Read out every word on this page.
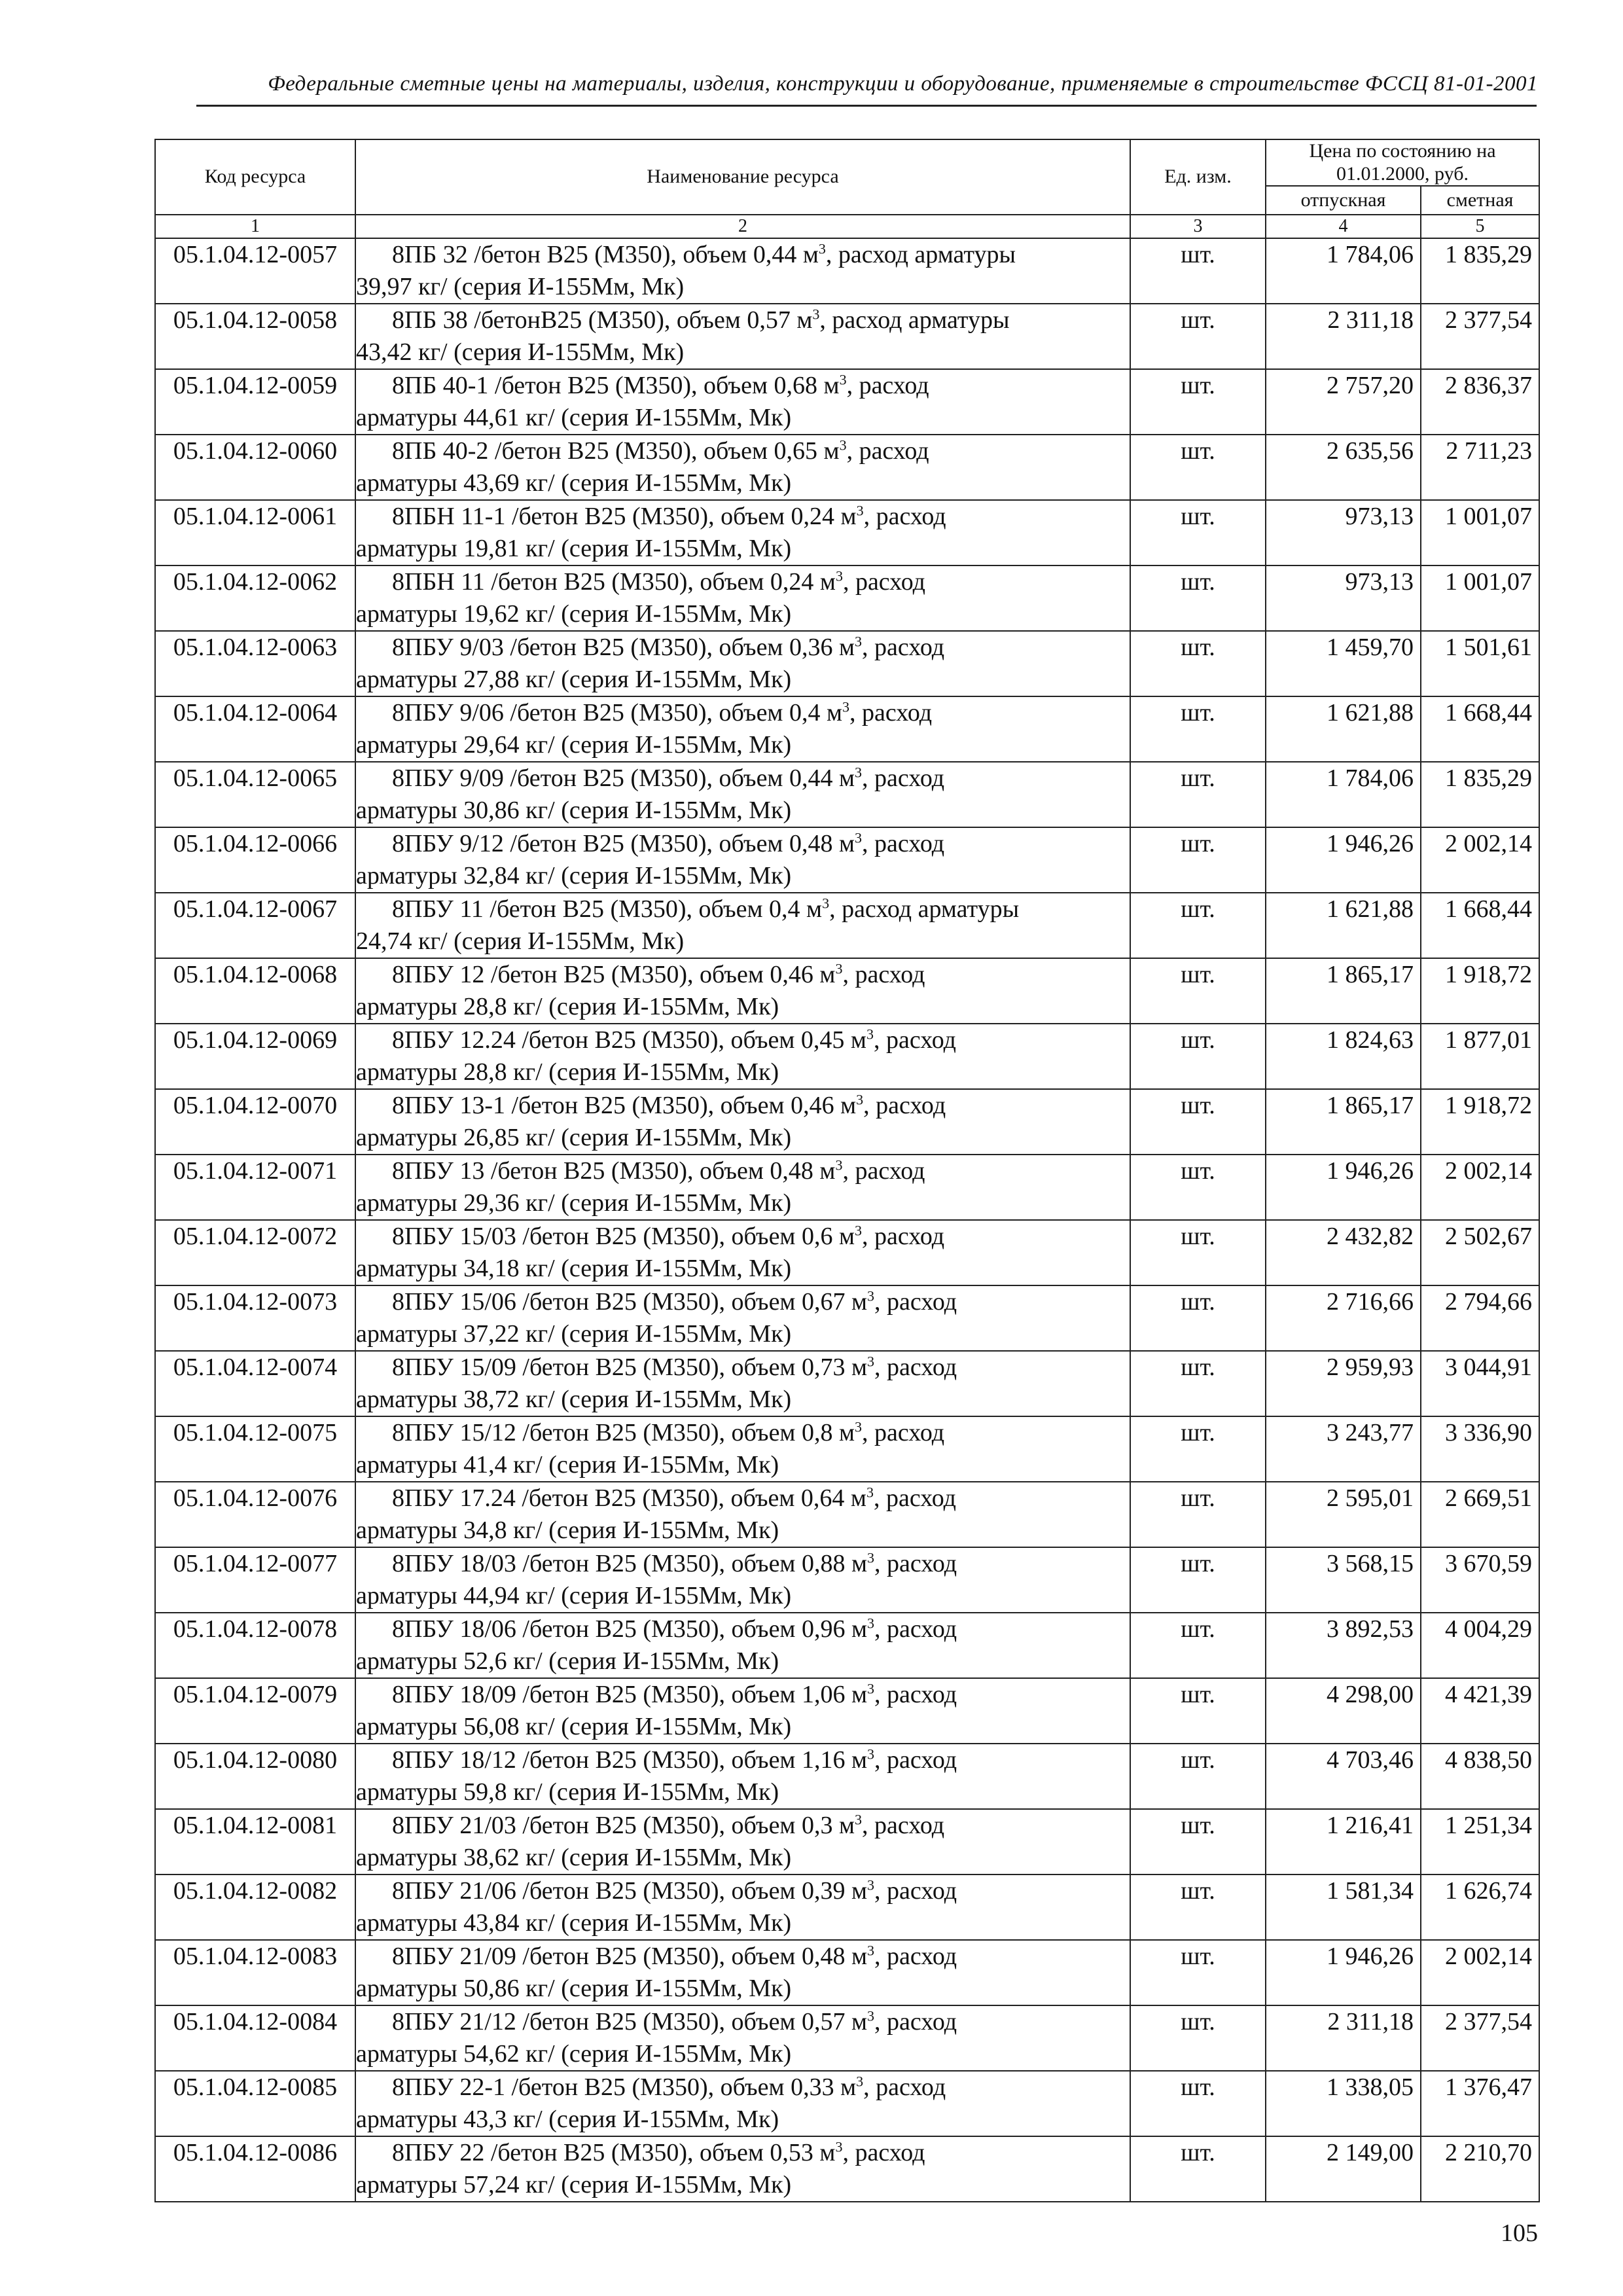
Федеральные сметные цены на материалы, изделия, конструкции и оборудование, применяемые в строительстве ФССЦ 81-01-2001
Код ресурса	Наименование ресурса	Ед. изм.	Цена по состоянию на 01.01.2000, руб.	
			отпускная	сметная
1	2	3	4	5
05.1.04.12-0057	8ПБ 32 /бетон В25 (М350), объем 0,44 $м^3$, расход арматуры
39,97 кг/ (серия И-155Мм, Мк)	шт.	1 784,06	1 835,29
05.1.04.12-0058	8ПБ 38 /бетонВ25 (М350), объем 0,57 $м^3$, расход арматуры
43,42 кг/ (серия И-155Мм, Мк)	шт.	2 311,18	2 377,54
05.1.04.12-0059	8ПБ 40-1 /бетон В25 (М350), объем 0,68 $м^3$, расход
арматуры 44,61 кг/ (серия И-155Мм, Мк)	шт.	2 757,20	2 836,37
05.1.04.12-0060	8ПБ 40-2 /бетон В25 (М350), объем 0,65 $м^3$, расход
арматуры 43,69 кг/ (серия И-155Мм, Мк)	шт.	2 635,56	2 711,23
05.1.04.12-0061	8ПБН 11-1 /бетон В25 (М350), объем 0,24 $м^3$, расход
арматуры 19,81 кг/ (серия И-155Мм, Мк)	шт.	973,13	1 001,07
05.1.04.12-0062	8ПБН 11 /бетон В25 (М350), объем 0,24 $м^3$, расход
арматуры 19,62 кг/ (серия И-155Мм, Мк)	шт.	973,13	1 001,07
05.1.04.12-0063	8ПБУ 9/03 /бетон В25 (М350), объем 0,36 $м^3$, расход
арматуры 27,88 кг/ (серия И-155Мм, Мк)	шт.	1 459,70	1 501,61
05.1.04.12-0064	8ПБУ 9/06 /бетон В25 (М350), объем 0,4 $м^3$, расход
арматуры 29,64 кг/ (серия И-155Мм, Мк)	шт.	1 621,88	1 668,44
05.1.04.12-0065	8ПБУ 9/09 /бетон В25 (М350), объем 0,44 $м^3$, расход
арматуры 30,86 кг/ (серия И-155Мм, Мк)	шт.	1 784,06	1 835,29
05.1.04.12-0066	8ПБУ 9/12 /бетон В25 (М350), объем 0,48 $м^3$, расход
арматуры 32,84 кг/ (серия И-155Мм, Мк)	шт.	1 946,26	2 002,14
05.1.04.12-0067	8ПБУ 11 /бетон В25 (М350), объем 0,4 $м^3$, расход арматуры
24,74 кг/ (серия И-155Мм, Мк)	шт.	1 621,88	1 668,44
05.1.04.12-0068	8ПБУ 12 /бетон В25 (М350), объем 0,46 $м^3$, расход
арматуры 28,8 кг/ (серия И-155Мм, Мк)	шт.	1 865,17	1 918,72
05.1.04.12-0069	8ПБУ 12.24 /бетон В25 (М350), объем 0,45 $м^3$, расход
арматуры 28,8 кг/ (серия И-155Мм, Мк)	шт.	1 824,63	1 877,01
05.1.04.12-0070	8ПБУ 13-1 /бетон В25 (М350), объем 0,46 $м^3$, расход
арматуры 26,85 кг/ (серия И-155Мм, Мк)	шт.	1 865,17	1 918,72
05.1.04.12-0071	8ПБУ 13 /бетон В25 (М350), объем 0,48 $м^3$, расход
арматуры 29,36 кг/ (серия И-155Мм, Мк)	шт.	1 946,26	2 002,14
05.1.04.12-0072	8ПБУ 15/03 /бетон В25 (М350), объем 0,6 $м^3$, расход
арматуры 34,18 кг/ (серия И-155Мм, Мк)	шт.	2 432,82	2 502,67
05.1.04.12-0073	8ПБУ 15/06 /бетон В25 (М350), объем 0,67 $м^3$, расход
арматуры 37,22 кг/ (серия И-155Мм, Мк)	шт.	2 716,66	2 794,66
05.1.04.12-0074	8ПБУ 15/09 /бетон В25 (М350), объем 0,73 $м^3$, расход
арматуры 38,72 кг/ (серия И-155Мм, Мк)	шт.	2 959,93	3 044,91
05.1.04.12-0075	8ПБУ 15/12 /бетон В25 (М350), объем 0,8 $м^3$, расход
арматуры 41,4 кг/ (серия И-155Мм, Мк)	шт.	3 243,77	3 336,90
05.1.04.12-0076	8ПБУ 17.24 /бетон В25 (М350), объем 0,64 $м^3$, расход
арматуры 34,8 кг/ (серия И-155Мм, Мк)	шт.	2 595,01	2 669,51
05.1.04.12-0077	8ПБУ 18/03 /бетон В25 (М350), объем 0,88 $м^3$, расход
арматуры 44,94 кг/ (серия И-155Мм, Мк)	шт.	3 568,15	3 670,59
05.1.04.12-0078	8ПБУ 18/06 /бетон В25 (М350), объем 0,96 $м^3$, расход
арматуры 52,6 кг/ (серия И-155Мм, Мк)	шт.	3 892,53	4 004,29
05.1.04.12-0079	8ПБУ 18/09 /бетон В25 (М350), объем 1,06 $м^3$, расход
арматуры 56,08 кг/ (серия И-155Мм, Мк)	шт.	4 298,00	4 421,39
05.1.04.12-0080	8ПБУ 18/12 /бетон В25 (М350), объем 1,16 $м^3$, расход
арматуры 59,8 кг/ (серия И-155Мм, Мк)	шт.	4 703,46	4 838,50
05.1.04.12-0081	8ПБУ 21/03 /бетон В25 (М350), объем 0,3 $м^3$, расход
арматуры 38,62 кг/ (серия И-155Мм, Мк)	шт.	1 216,41	1 251,34
05.1.04.12-0082	8ПБУ 21/06 /бетон В25 (М350), объем 0,39 $м^3$, расход
арматуры 43,84 кг/ (серия И-155Мм, Мк)	шт.	1 581,34	1 626,74
05.1.04.12-0083	8ПБУ 21/09 /бетон В25 (М350), объем 0,48 $м^3$, расход
арматуры 50,86 кг/ (серия И-155Мм, Мк)	шт.	1 946,26	2 002,14
05.1.04.12-0084	8ПБУ 21/12 /бетон В25 (М350), объем 0,57 $м^3$, расход
арматуры 54,62 кг/ (серия И-155Мм, Мк)	шт.	2 311,18	2 377,54
05.1.04.12-0085	8ПБУ 22-1 /бетон В25 (М350), объем 0,33 $м^3$, расход
арматуры 43,3 кг/ (серия И-155Мм, Мк)	шт.	1 338,05	1 376,47
05.1.04.12-0086	8ПБУ 22 /бетон В25 (М350), объем 0,53 $м^3$, расход
арматуры 57,24 кг/ (серия И-155Мм, Мк)	шт.	2 149,00	2 210,70
105
